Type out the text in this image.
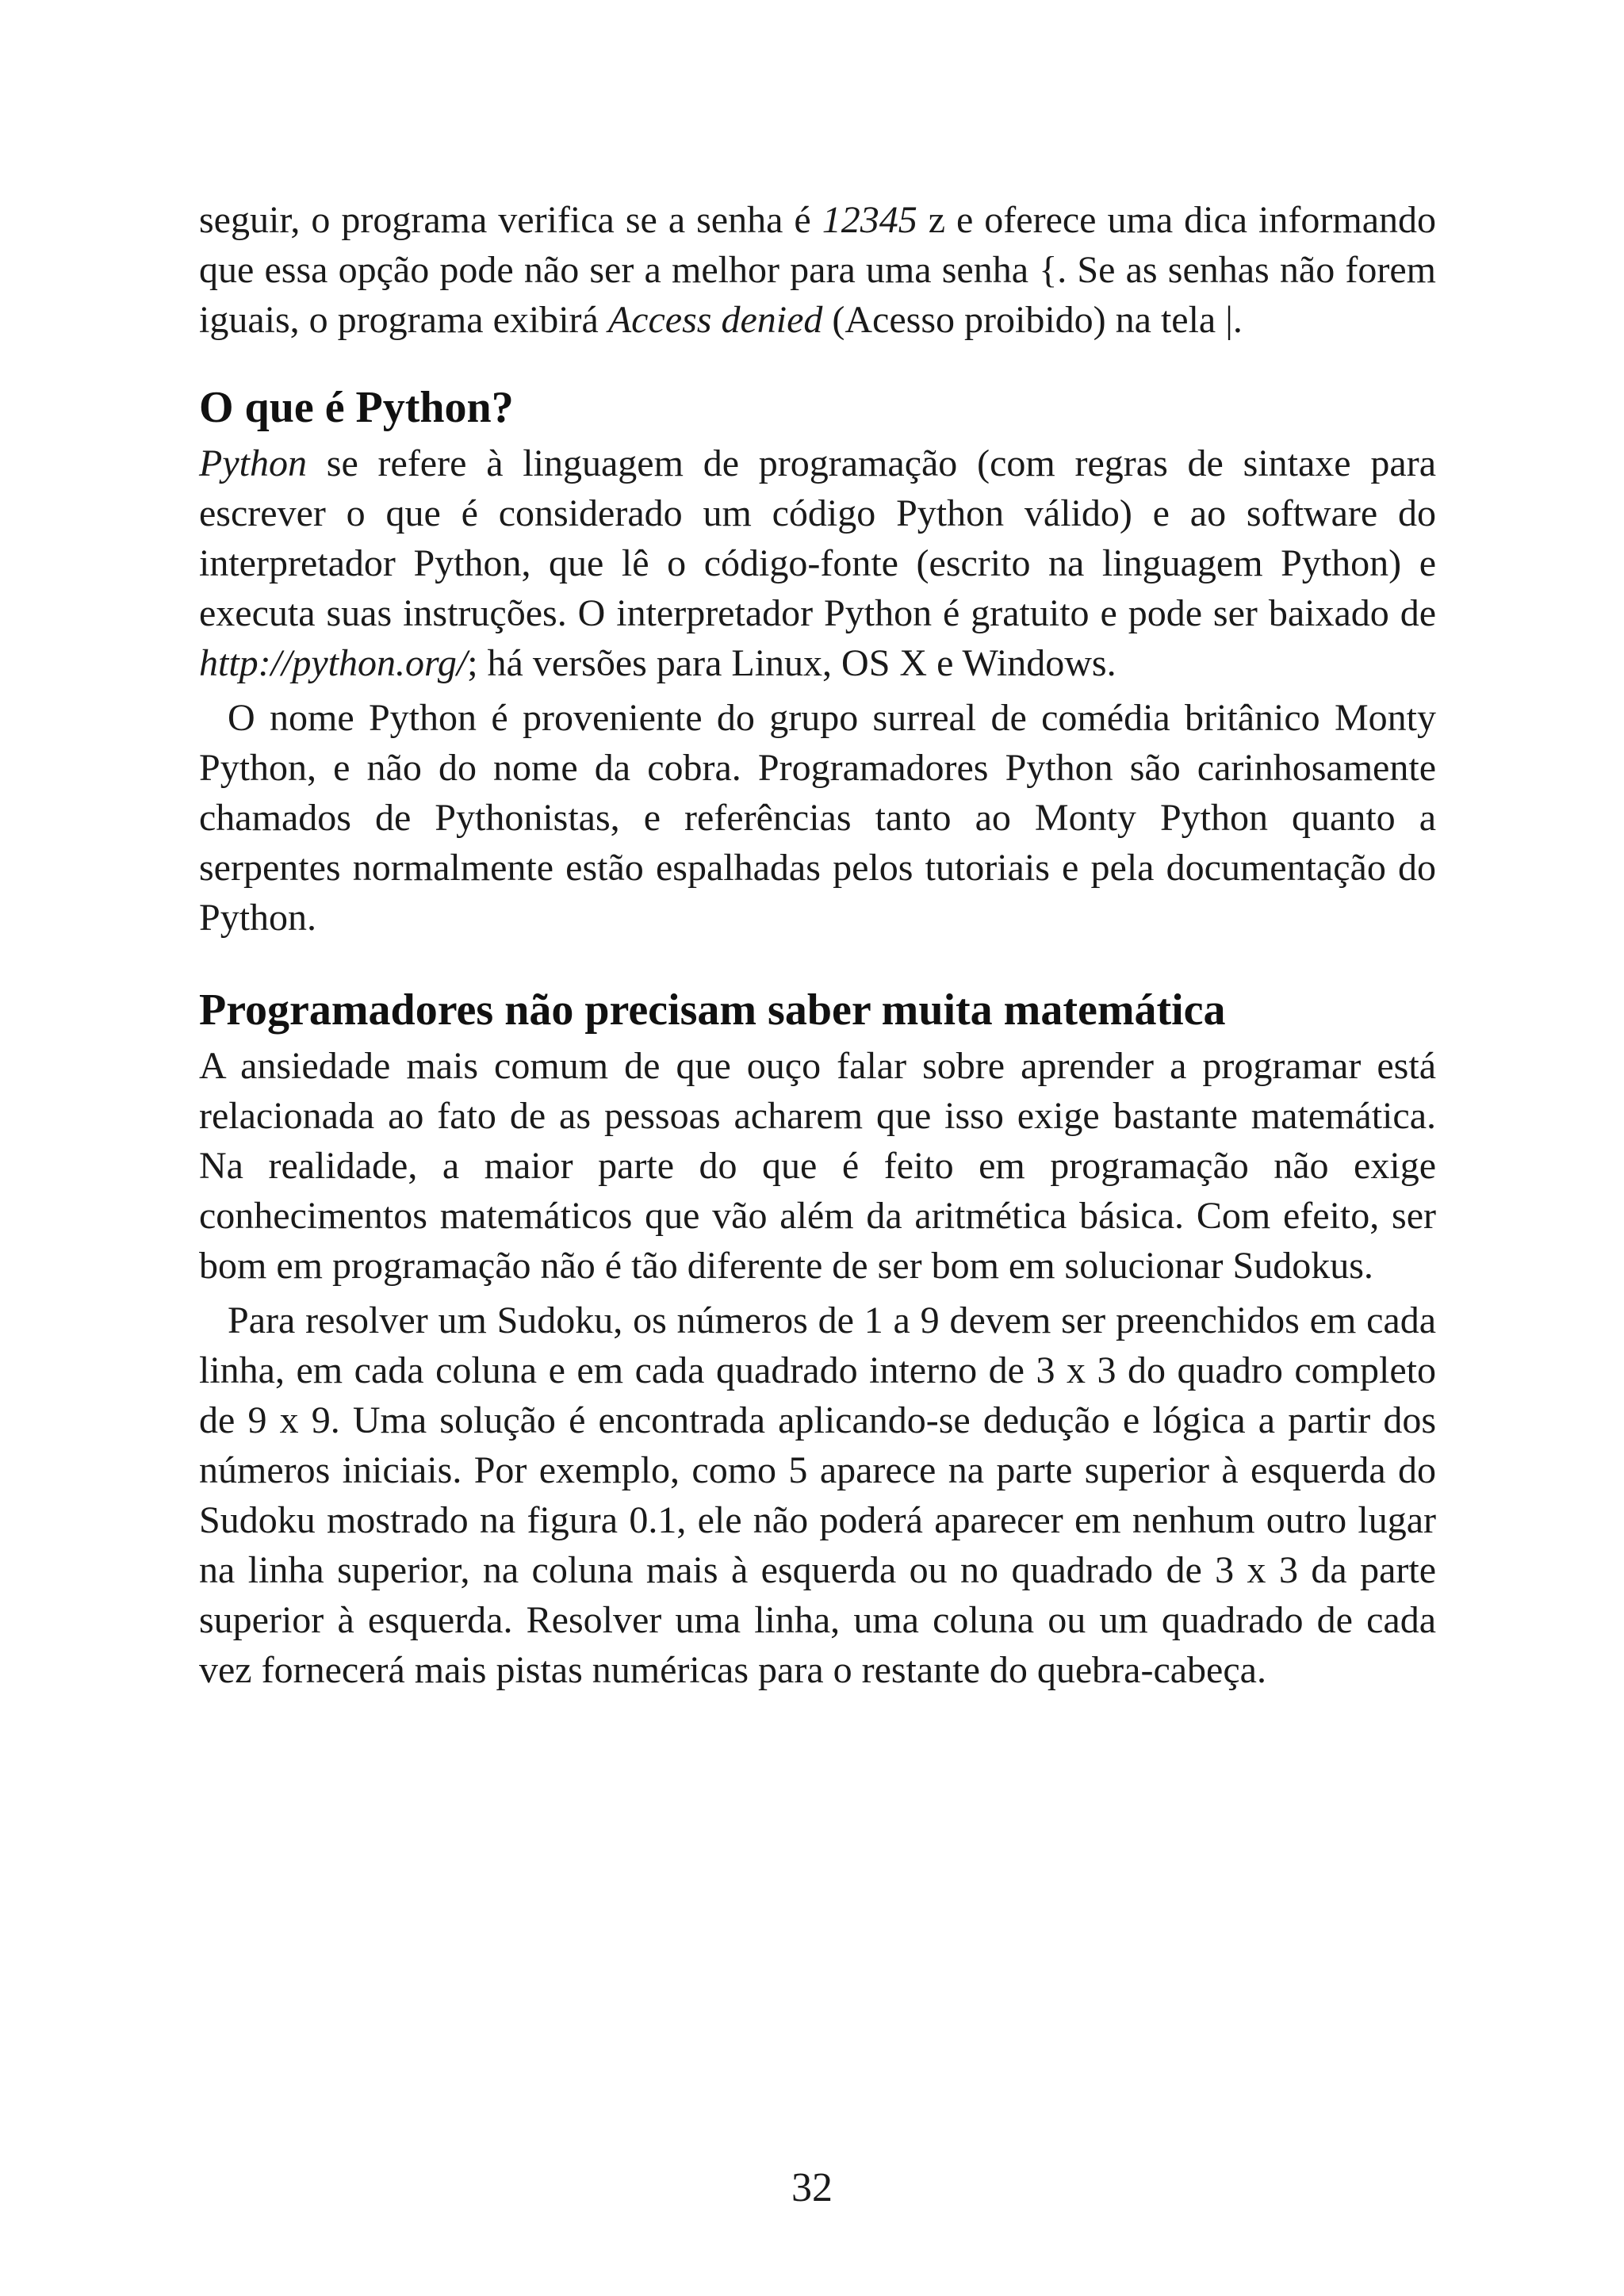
seguir, o programa verifica se a senha é 12345 z e oferece uma dica informando que essa opção pode não ser a melhor para uma senha {. Se as senhas não forem iguais, o programa exibirá Access denied (Acesso proibido) na tela |.

O que é Python?

Python se refere à linguagem de programação (com regras de sintaxe para escrever o que é considerado um código Python válido) e ao software do interpretador Python, que lê o código-fonte (escrito na linguagem Python) e executa suas instruções. O interpretador Python é gratuito e pode ser baixado de http://python.org/; há versões para Linux, OS X e Windows.

O nome Python é proveniente do grupo surreal de comédia britânico Monty Python, e não do nome da cobra. Programadores Python são carinhosamente chamados de Pythonistas, e referências tanto ao Monty Python quanto a serpentes normalmente estão espalhadas pelos tutoriais e pela documentação do Python.

Programadores não precisam saber muita matemática

A ansiedade mais comum de que ouço falar sobre aprender a programar está relacionada ao fato de as pessoas acharem que isso exige bastante matemática. Na realidade, a maior parte do que é feito em programação não exige conhecimentos matemáticos que vão além da aritmética básica. Com efeito, ser bom em programação não é tão diferente de ser bom em solucionar Sudokus.

Para resolver um Sudoku, os números de 1 a 9 devem ser preenchidos em cada linha, em cada coluna e em cada quadrado interno de 3 x 3 do quadro completo de 9 x 9. Uma solução é encontrada aplicando-se dedução e lógica a partir dos números iniciais. Por exemplo, como 5 aparece na parte superior à esquerda do Sudoku mostrado na figura 0.1, ele não poderá aparecer em nenhum outro lugar na linha superior, na coluna mais à esquerda ou no quadrado de 3 x 3 da parte superior à esquerda. Resolver uma linha, uma coluna ou um quadrado de cada vez fornecerá mais pistas numéricas para o restante do quebra-cabeça.

32
